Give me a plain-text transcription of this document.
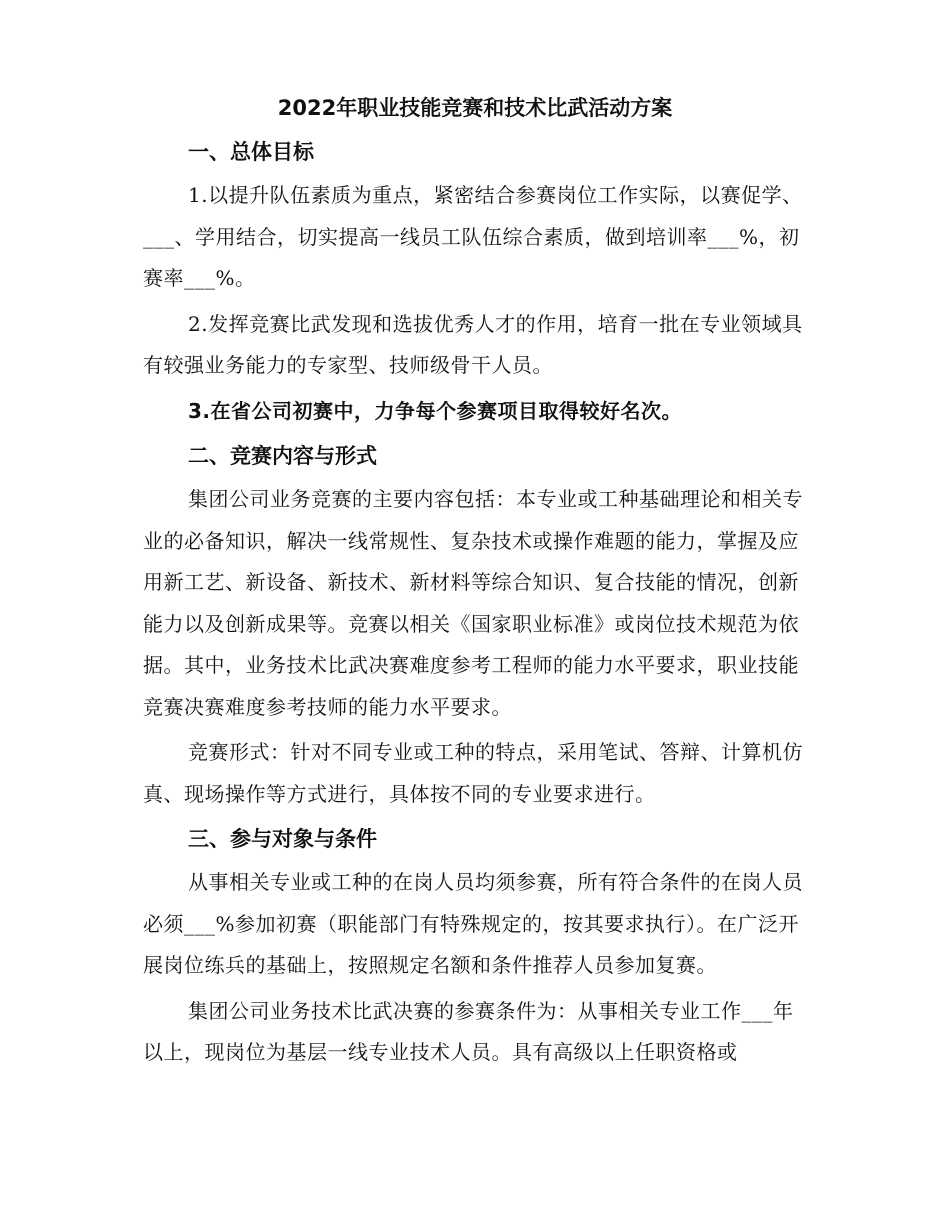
2022年职业技能竞赛和技术比武活动方案

一、总体目标

1.以提升队伍素质为重点，紧密结合参赛岗位工作实际，以赛促学、___、学用结合，切实提高一线员工队伍综合素质，做到培训率___%，初赛率___%。

2.发挥竞赛比武发现和选拔优秀人才的作用，培育一批在专业领域具有较强业务能力的专家型、技师级骨干人员。

3.在省公司初赛中，力争每个参赛项目取得较好名次。

二、竞赛内容与形式

集团公司业务竞赛的主要内容包括：本专业或工种基础理论和相关专业的必备知识，解决一线常规性、复杂技术或操作难题的能力，掌握及应用新工艺、新设备、新技术、新材料等综合知识、复合技能的情况，创新能力以及创新成果等。竞赛以相关《国家职业标准》或岗位技术规范为依据。其中，业务技术比武决赛难度参考工程师的能力水平要求，职业技能竞赛决赛难度参考技师的能力水平要求。

竞赛形式：针对不同专业或工种的特点，采用笔试、答辩、计算机仿真、现场操作等方式进行，具体按不同的专业要求进行。

三、参与对象与条件

从事相关专业或工种的在岗人员均须参赛，所有符合条件的在岗人员必须___%参加初赛（职能部门有特殊规定的，按其要求执行）。在广泛开展岗位练兵的基础上，按照规定名额和条件推荐人员参加复赛。

集团公司业务技术比武决赛的参赛条件为：从事相关专业工作___年以上，现岗位为基层一线专业技术人员。具有高级以上任职资格或
